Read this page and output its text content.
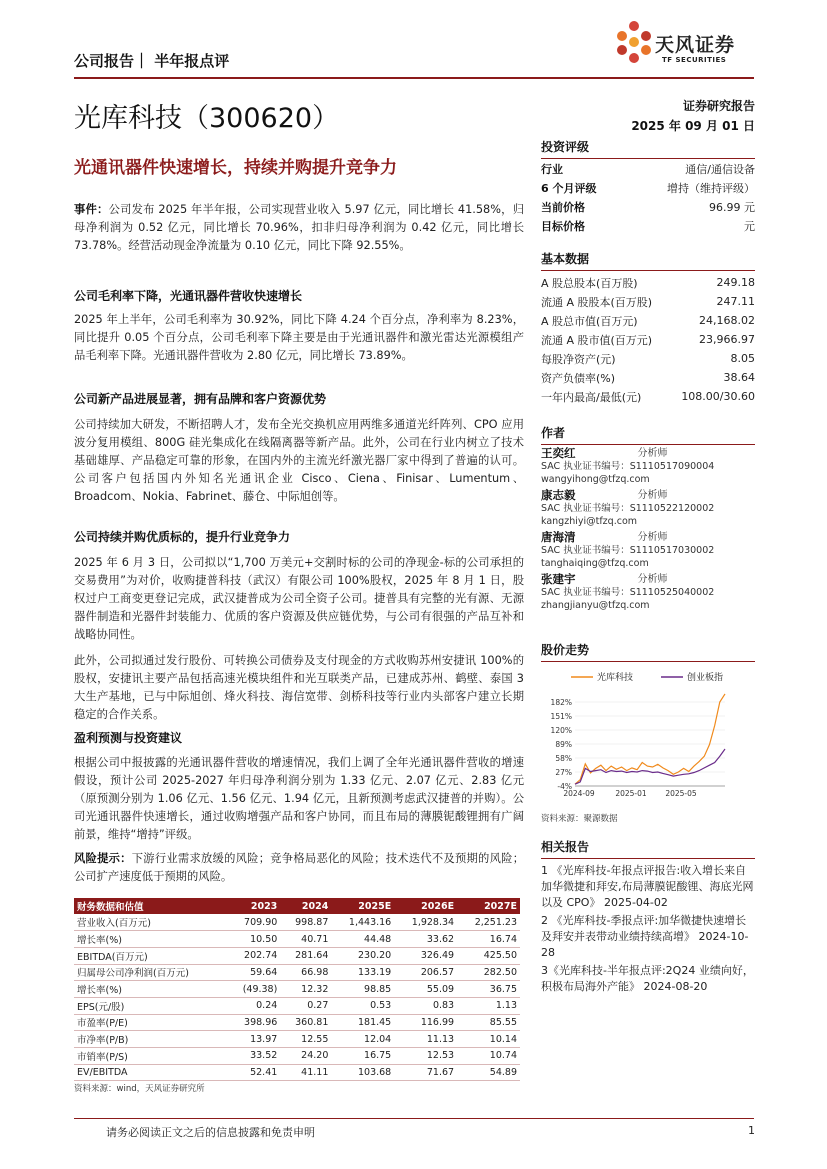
公司报告｜ 半年报点评
天风证券
TF SECURITIES
光库科技（300620）	证券研究报告
2025 年 09 月 01 日
光通讯器件快速增长，持续并购提升竞争力
事件：公司发布 2025 年半年报，公司实现营业收入 5.97 亿元，同比增长 41.58%，归母净利润为 0.52 亿元，同比增长 70.96%，扣非归母净利润为 0.42 亿元，同比增长 73.78%。经营活动现金净流量为 0.10 亿元，同比下降 92.55%。
公司毛利率下降，光通讯器件营收快速增长
2025 年上半年，公司毛利率为 30.92%，同比下降 4.24 个百分点，净利率为 8.23%，同比提升 0.05 个百分点，公司毛利率下降主要是由于光通讯器件和激光雷达光源模组产品毛利率下降。光通讯器件营收为 2.80 亿元，同比增长 73.89%。
公司新产品进展显著，拥有品牌和客户资源优势
公司持续加大研发，不断招聘人才，发布全光交换机应用两维多通道光纤阵列、CPO 应用波分复用模组、800G 硅光集成化在线隔离器等新产品。此外，公司在行业内树立了技术基础雄厚、产品稳定可靠的形象，在国内外的主流光纤激光器厂家中得到了普遍的认可。公司客户包括国内外知名光通讯企业 Cisco、Ciena、Finisar、Lumentum、Broadcom、Nokia、Fabrinet、藤仓、中际旭创等。
公司持续并购优质标的，提升行业竞争力
2025 年 6 月 3 日，公司拟以“1,700 万美元+交割时标的公司的净现金-标的公司承担的交易费用”为对价，收购捷普科技（武汉）有限公司 100%股权，2025 年 8 月 1 日，股权过户工商变更登记完成，武汉捷普成为公司全资子公司。捷普具有完整的光有源、无源器件制造和光器件封装能力、优质的客户资源及供应链优势，与公司有很强的产品互补和战略协同性。
此外，公司拟通过发行股份、可转换公司债券及支付现金的方式收购苏州安捷讯 100%的股权，安捷讯主要产品包括高速光模块组件和光互联类产品，已建成苏州、鹤壁、泰国 3 大生产基地，已与中际旭创、烽火科技、海信宽带、剑桥科技等行业内头部客户建立长期稳定的合作关系。
盈利预测与投资建议
根据公司中报披露的光通讯器件营收的增速情况，我们上调了全年光通讯器件营收的增速假设，预计公司 2025-2027 年归母净利润分别为 1.33 亿元、2.07 亿元、2.83 亿元（原预测分别为 1.06 亿元、1.56 亿元、1.94 亿元，且新预测考虑武汉捷普的并购）。公司光通讯器件快速增长，通过收购增强产品和客户协同，而且布局的薄膜铌酸锂拥有广阔前景，维持“增持”评级。
风险提示：下游行业需求放缓的风险；竞争格局恶化的风险；技术迭代不及预期的风险；公司扩产速度低于预期的风险。
财务数据和估值	2023	2024	2025E	2026E	2027E
营业收入(百万元)	709.90	998.87	1,443.16	1,928.34	2,251.23
增长率(%)	10.50	40.71	44.48	33.62	16.74
EBITDA(百万元)	202.74	281.64	230.20	326.49	425.50
归属母公司净利润(百万元)	59.64	66.98	133.19	206.57	282.50
增长率(%)	(49.38)	12.32	98.85	55.09	36.75
EPS(元/股)	0.24	0.27	0.53	0.83	1.13
市盈率(P/E)	398.96	360.81	181.45	116.99	85.55
市净率(P/B)	13.97	12.55	12.04	11.13	10.14
市销率(P/S)	33.52	24.20	16.75	12.53	10.74
EV/EBITDA	52.41	41.11	103.68	71.67	54.89
资料来源：wind，天风证券研究所
投资评级
行业	通信/通信设备
6 个月评级	增持（维持评级）
当前价格	96.99 元
目标价格	元
基本数据
A 股总股本(百万股)	249.18
流通 A 股股本(百万股)	247.11
A 股总市值(百万元)	24,168.02
流通 A 股市值(百万元)	23,966.97
每股净资产(元)	8.05
资产负债率(%)	38.64
一年内最高/最低(元)	108.00/30.60
作者
王奕红	分析师
SAC 执业证书编号：S1110517090004
wangyihong@tfzq.com
康志毅	分析师
SAC 执业证书编号：S1110522120002
kangzhiyi@tfzq.com
唐海清	分析师
SAC 执业证书编号：S1110517030002
tanghaiqing@tfzq.com
张建宇	分析师
SAC 执业证书编号：S1110525040002
zhangjianyu@tfzq.com
股价走势
光库科技	创业板指
-4%
27%
58%
89%
120%
151%
182%
2024-09	2025-01 2025-05
资料来源：聚源数据
相关报告
1 《光库科技-年报点评报告:收入增长来自加华微捷和拜安,布局薄膜铌酸锂、海底光网以及 CPO》 2025-04-02
2 《光库科技-季报点评:加华微捷快速增长及拜安并表带动业绩持续高增》 2024-10-28
3《光库科技-半年报点评:2Q24 业绩向好，积极布局海外产能》 2024-08-20
请务必阅读正文之后的信息披露和免责申明	1
